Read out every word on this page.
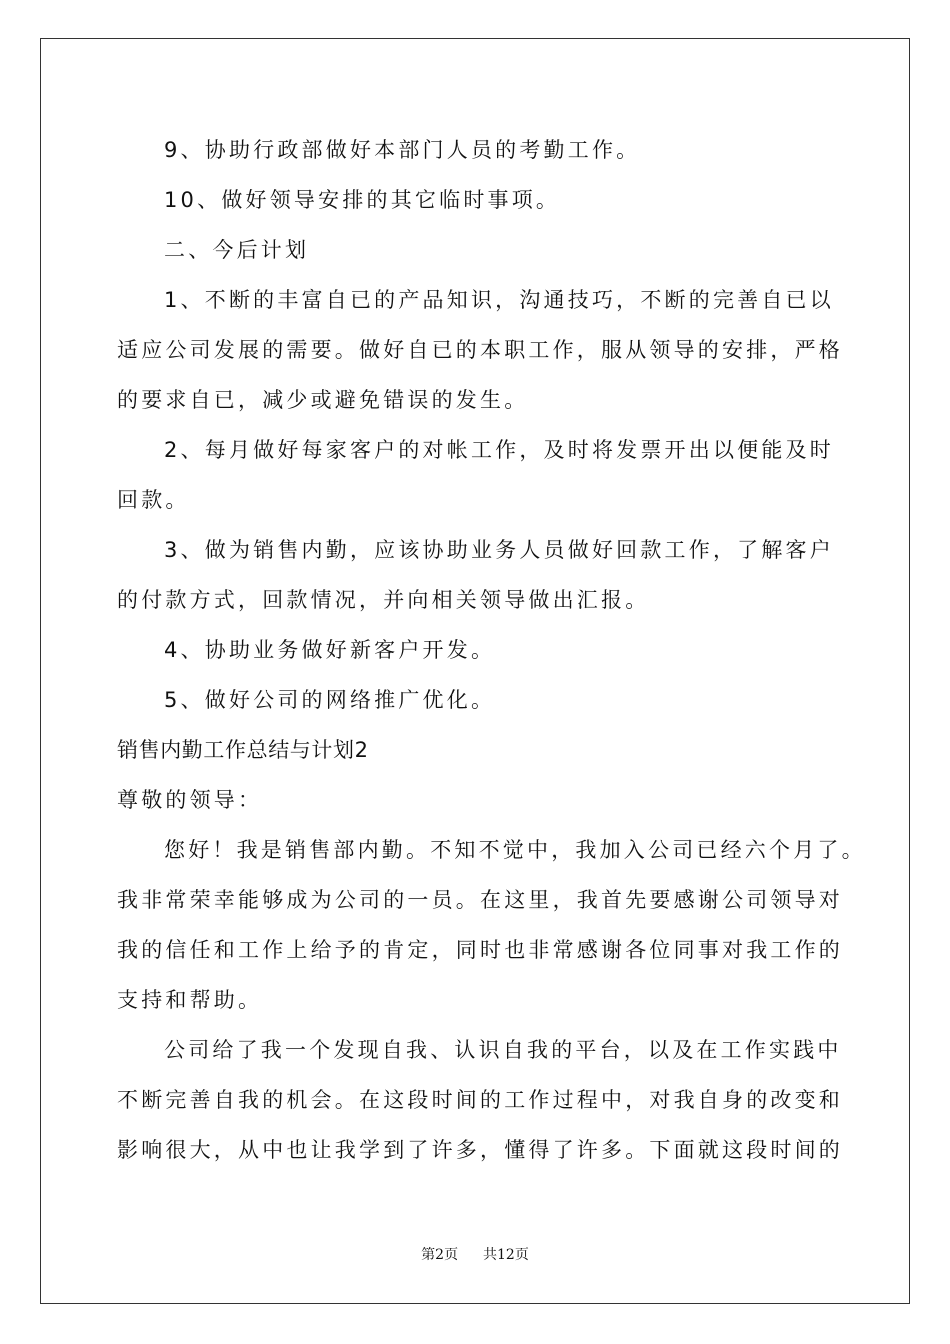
9、协助行政部做好本部门人员的考勤工作。
10、做好领导安排的其它临时事项。
二、今后计划
1、不断的丰富自已的产品知识，沟通技巧，不断的完善自已以
适应公司发展的需要。做好自已的本职工作，服从领导的安排，严格
的要求自已，减少或避免错误的发生。
2、每月做好每家客户的对帐工作，及时将发票开出以便能及时
回款。
3、做为销售内勤，应该协助业务人员做好回款工作，了解客户
的付款方式，回款情况，并向相关领导做出汇报。
4、协助业务做好新客户开发。
5、做好公司的网络推广优化。
销售内勤工作总结与计划2
尊敬的领导：
您好！我是销售部内勤。不知不觉中，我加入公司已经六个月了。
我非常荣幸能够成为公司的一员。在这里，我首先要感谢公司领导对
我的信任和工作上给予的肯定，同时也非常感谢各位同事对我工作的
支持和帮助。
公司给了我一个发现自我、认识自我的平台，以及在工作实践中
不断完善自我的机会。在这段时间的工作过程中，对我自身的改变和
影响很大，从中也让我学到了许多，懂得了许多。下面就这段时间的
第2页 共12页
